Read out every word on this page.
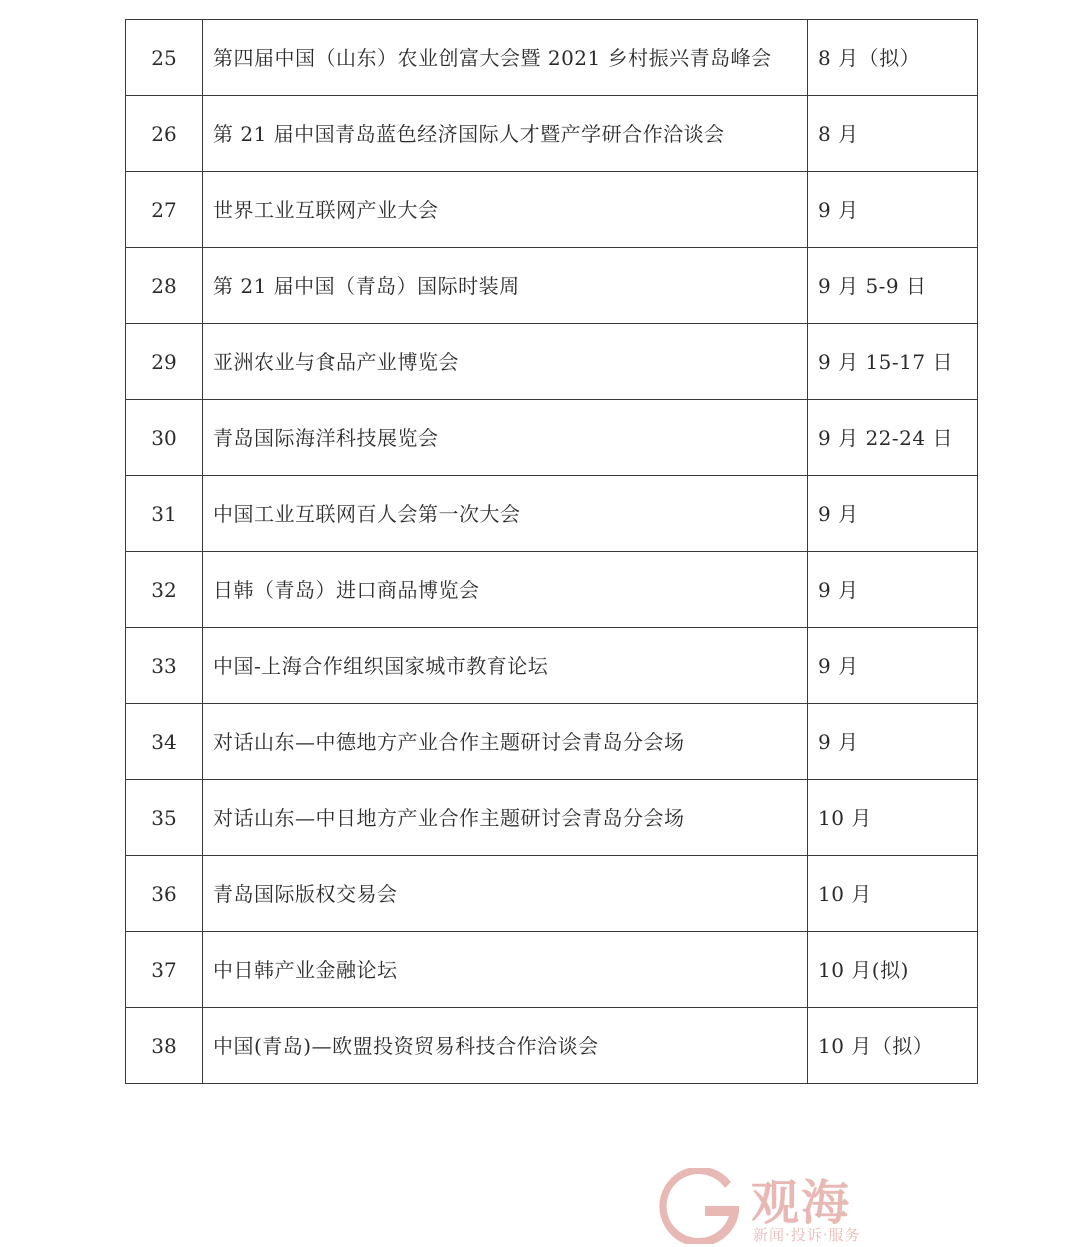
25	第四届中国（山东）农业创富大会暨 2021 乡村振兴青岛峰会	8 月（拟）
26	第 21 届中国青岛蓝色经济国际人才暨产学研合作洽谈会	8 月
27	世界工业互联网产业大会	9 月
28	第 21 届中国（青岛）国际时装周	9 月 5-9 日
29	亚洲农业与食品产业博览会	9 月 15-17 日
30	青岛国际海洋科技展览会	9 月 22-24 日
31	中国工业互联网百人会第一次大会	9 月
32	日韩（青岛）进口商品博览会	9 月
33	中国-上海合作组织国家城市教育论坛	9 月
34	对话山东—中德地方产业合作主题研讨会青岛分会场	9 月
35	对话山东—中日地方产业合作主题研讨会青岛分会场	10 月
36	青岛国际版权交易会	10 月
37	中日韩产业金融论坛	10 月(拟)
38	中国(青岛)—欧盟投资贸易科技合作洽谈会	10 月（拟）
观海
新闻·投诉·服务
